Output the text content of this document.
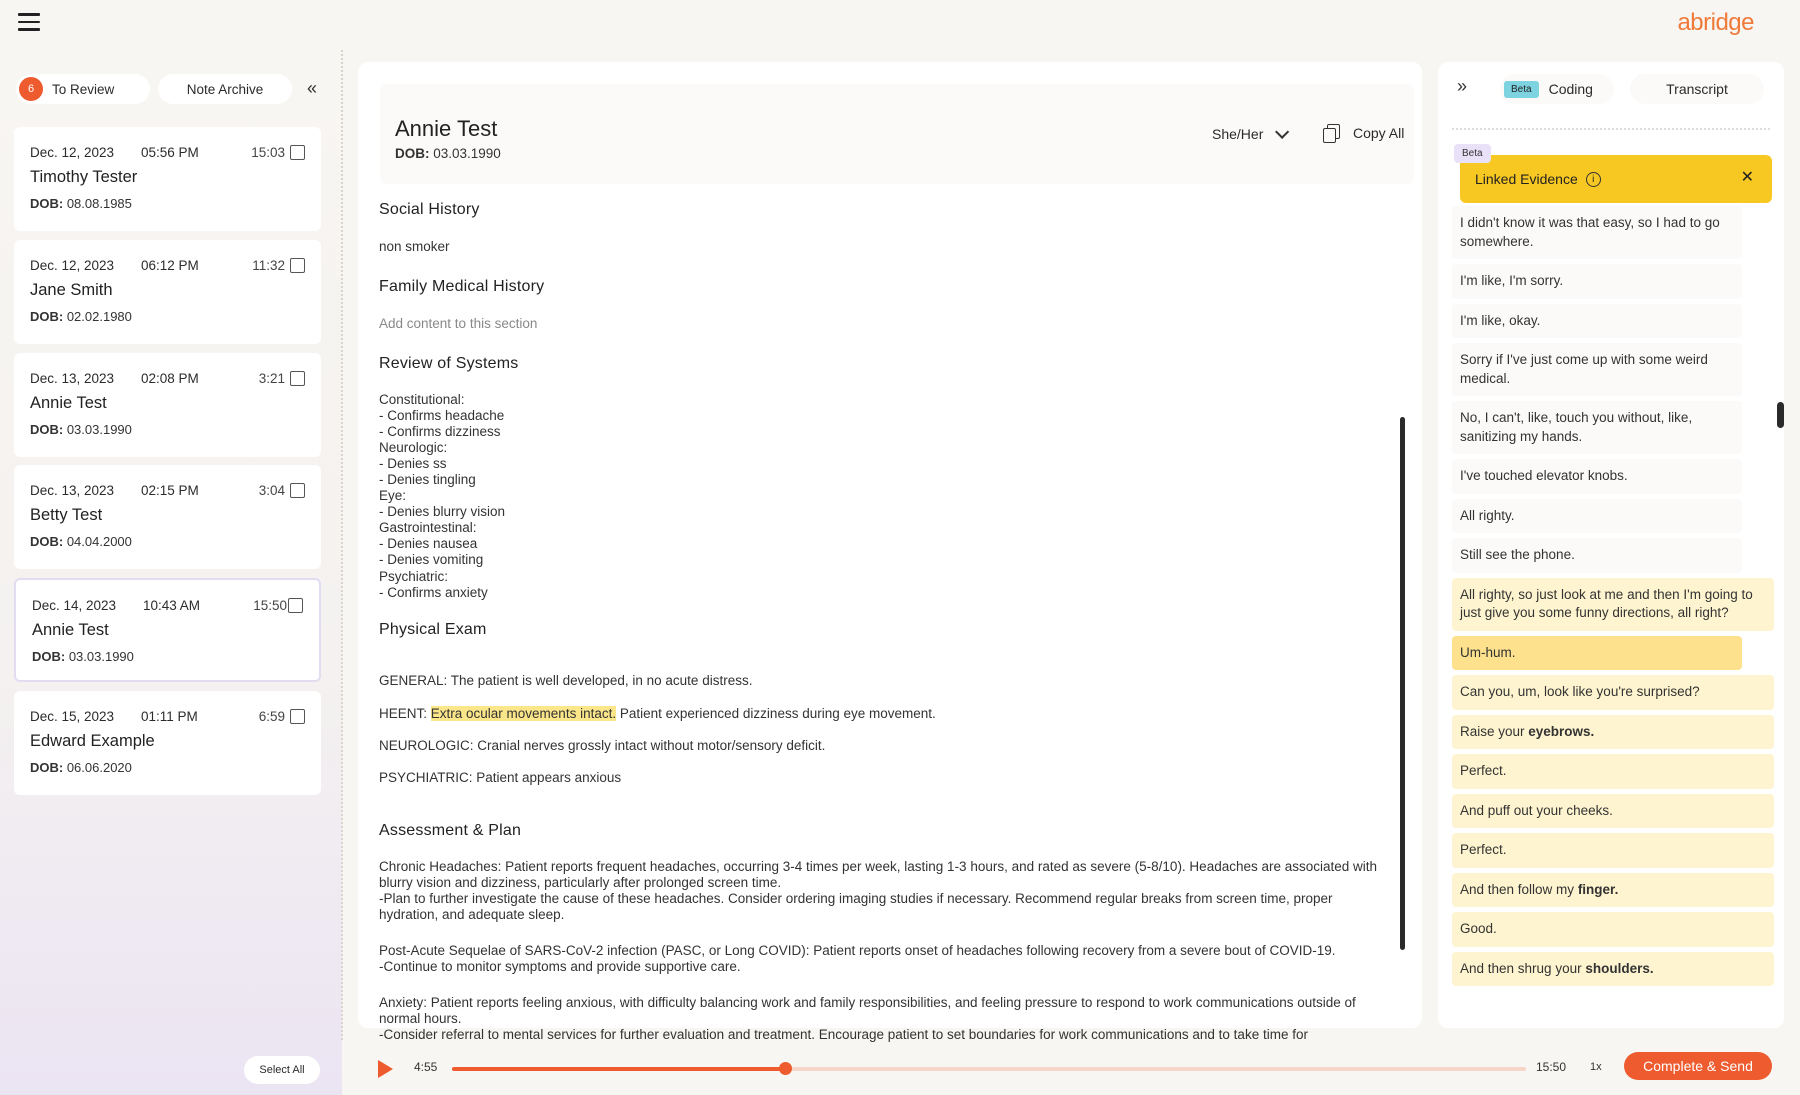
abridge
6	To Review	Note Archive	«
Dec. 12, 2023	05:56 PM	15:03
Timothy Tester
DOB: 08.08.1985
Dec. 12, 2023	06:12 PM	11:32
Jane Smith
DOB: 02.02.1980
Dec. 13, 2023	02:08 PM	3:21
Annie Test
DOB: 03.03.1990
Dec. 13, 2023	02:15 PM	3:04
Betty Test
DOB: 04.04.2000
Dec. 14, 2023	10:43 AM	15:50
Annie Test
DOB: 03.03.1990
Dec. 15, 2023	01:11 PM	6:59
Edward Example
DOB: 06.06.2020
Select All
Annie Test
DOB: 03.03.1990
She/Her	Copy All
Social History
non smoker
Family Medical History
Add content to this section
Review of Systems
Constitutional:
- Confirms headache
- Confirms dizziness
Neurologic:
- Denies ss
- Denies tingling
Eye:
- Denies blurry vision
Gastrointestinal:
- Denies nausea
- Denies vomiting
Psychiatric:
- Confirms anxiety
Physical Exam

GENERAL: The patient is well developed, in no acute distress.

HEENT: Extra ocular movements intact. Patient experienced dizziness during eye movement.

NEUROLOGIC: Cranial nerves grossly intact without motor/sensory deficit.

PSYCHIATRIC: Patient appears anxious

Assessment & Plan
Chronic Headaches: Patient reports frequent headaches, occurring 3-4 times per week, lasting 1-3 hours, and rated as severe (5-8/10). Headaches are associated with blurry vision and dizziness, particularly after prolonged screen time.
-Plan to further investigate the cause of these headaches. Consider ordering imaging studies if necessary. Recommend regular breaks from screen time, proper hydration, and adequate sleep.
Post-Acute Sequelae of SARS-CoV-2 infection (PASC, or Long COVID): Patient reports onset of headaches following recovery from a severe bout of COVID-19.
-Continue to monitor symptoms and provide supportive care.
Anxiety: Patient reports feeling anxious, with difficulty balancing work and family responsibilities, and feeling pressure to respond to work communications outside of normal hours.
-Consider referral to mental services for further evaluation and treatment. Encourage patient to set boundaries for work communications and to take time for
»	Beta	Coding	Transcript
Linked Evidence	i	✕
Beta
I didn't know it was that easy, so I had to go somewhere.
I'm like, I'm sorry.
I'm like, okay.
Sorry if I've just come up with some weird medical.
No, I can't, like, touch you without, like, sanitizing my hands.
I've touched elevator knobs.
All righty.
Still see the phone.
All righty, so just look at me and then I'm going to just give you some funny directions, all right?
Um-hum.
Can you, um, look like you're surprised?
Raise your eyebrows.
Perfect.
And puff out your cheeks.
Perfect.
And then follow my finger.
Good.
And then shrug your shoulders.
4:55	15:50 1x	Complete & Send
